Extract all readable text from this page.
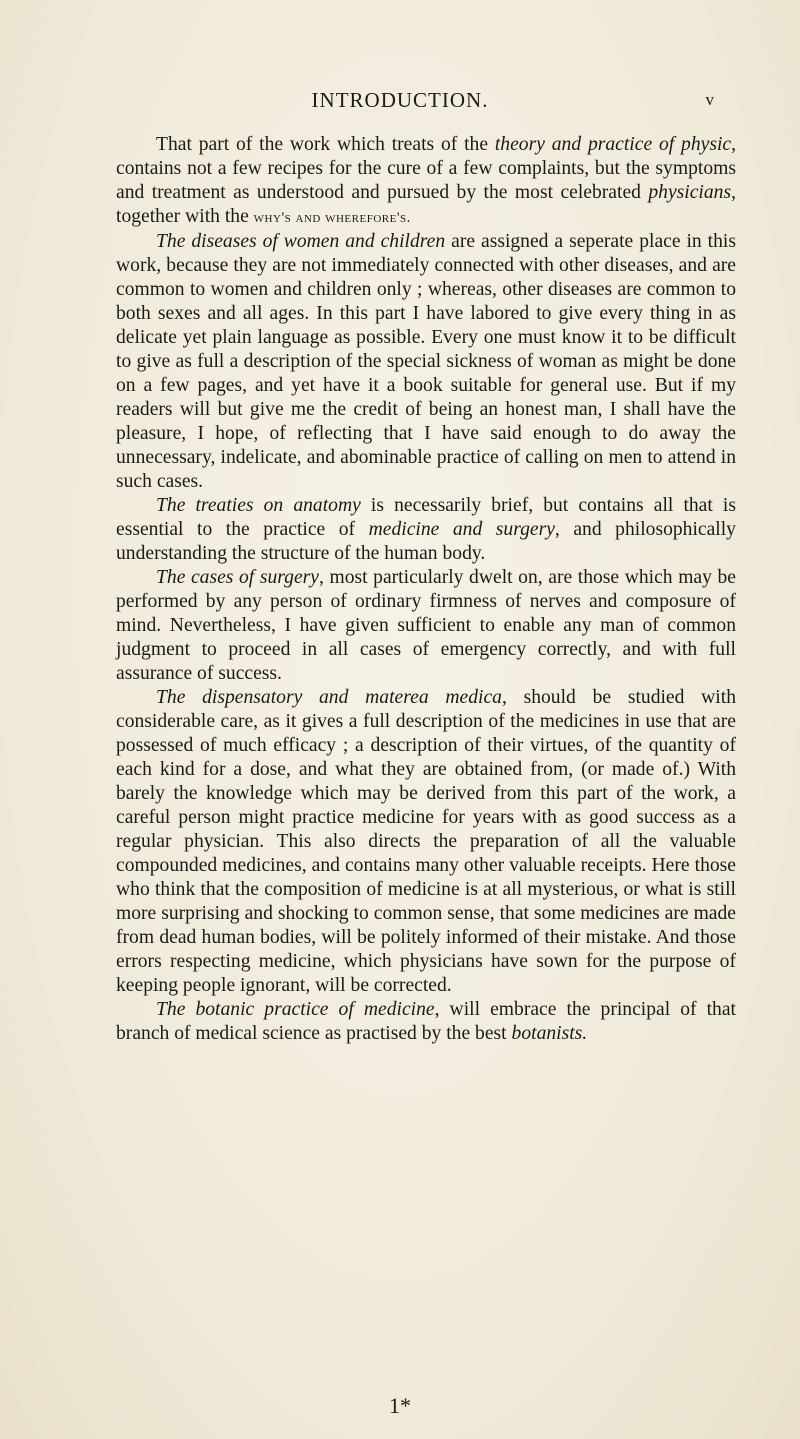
INTRODUCTION.	v

That part of the work which treats of the theory and practice of physic, contains not a few recipes for the cure of a few complaints, but the symptoms and treatment as understood and pursued by the most celebrated physicians, together with the why's and wherefore's.

The diseases of women and children are assigned a seperate place in this work, because they are not immediately connected with other diseases, and are common to women and children only ; whereas, other diseases are common to both sexes and all ages. In this part I have labored to give every thing in as delicate yet plain language as possible. Every one must know it to be difficult to give as full a description of the special sickness of woman as might be done on a few pages, and yet have it a book suitable for general use. But if my readers will but give me the credit of being an honest man, I shall have the pleasure, I hope, of reflecting that I have said enough to do away the unnecessary, indelicate, and abominable practice of calling on men to attend in such cases.

The treaties on anatomy is necessarily brief, but contains all that is essential to the practice of medicine and surgery, and philosophically understanding the structure of the human body.

The cases of surgery, most particularly dwelt on, are those which may be performed by any person of ordinary firmness of nerves and composure of mind. Nevertheless, I have given sufficient to enable any man of common judgment to proceed in all cases of emergency correctly, and with full assurance of success.

The dispensatory and materea medica, should be studied with considerable care, as it gives a full description of the medicines in use that are possessed of much efficacy ; a description of their virtues, of the quantity of each kind for a dose, and what they are obtained from, (or made of.) With barely the knowledge which may be derived from this part of the work, a careful person might practice medicine for years with as good success as a regular physician. This also directs the preparation of all the valuable compounded medicines, and contains many other valuable receipts. Here those who think that the composition of medicine is at all mysterious, or what is still more surprising and shocking to common sense, that some medicines are made from dead human bodies, will be politely informed of their mistake. And those errors respecting medicine, which physicians have sown for the purpose of keeping people ignorant, will be corrected.

The botanic practice of medicine, will embrace the principal of that branch of medical science as practised by the best botanists.

1*
